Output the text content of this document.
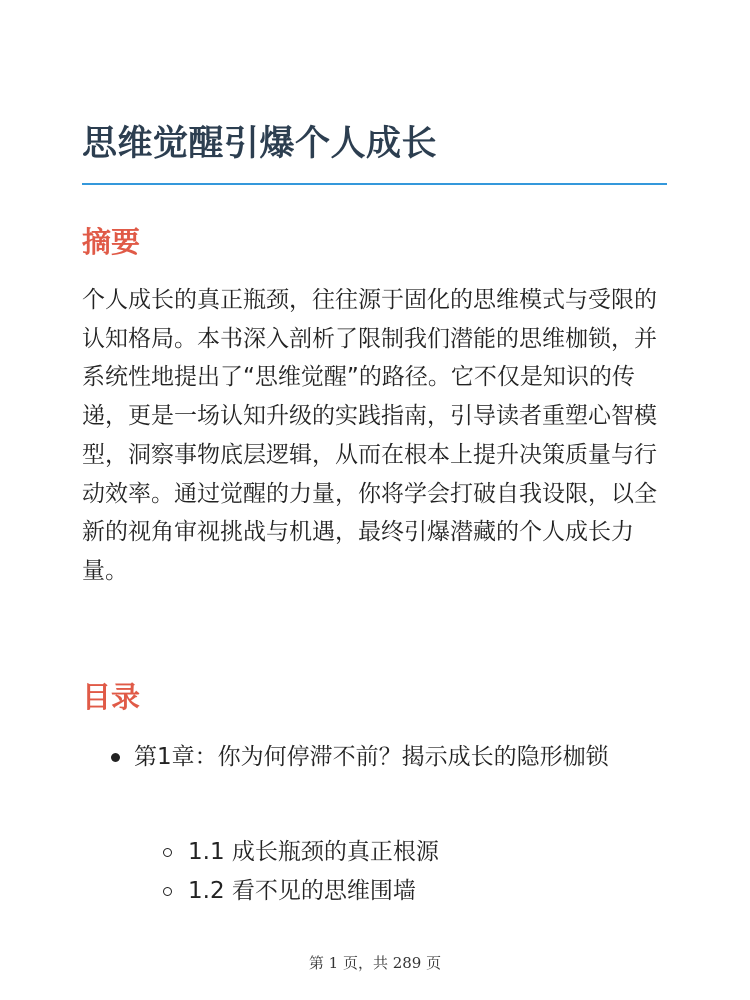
思维觉醒引爆个人成长
摘要

个人成长的真正瓶颈，往往源于固化的思维模式与受限的认知格局。本书深入剖析了限制我们潜能的思维枷锁，并系统性地提出了“思维觉醒”的路径。它不仅是知识的传递，更是一场认知升级的实践指南，引导读者重塑心智模型，洞察事物底层逻辑，从而在根本上提升决策质量与行动效率。通过觉醒的力量，你将学会打破自我设限，以全新的视角审视挑战与机遇，最终引爆潜藏的个人成长力量。

目录
第1章：你为何停滞不前？揭示成长的隐形枷锁
1.1 成长瓶颈的真正根源
1.2 看不见的思维围墙
第 1 页，共 289 页
